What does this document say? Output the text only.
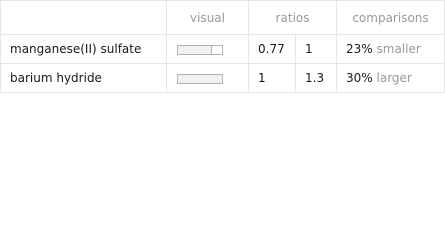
	visual	ratios		comparisons
manganese(II) sulfate		0.77	1	23% smaller
barium hydride		1	1.3	30% larger
